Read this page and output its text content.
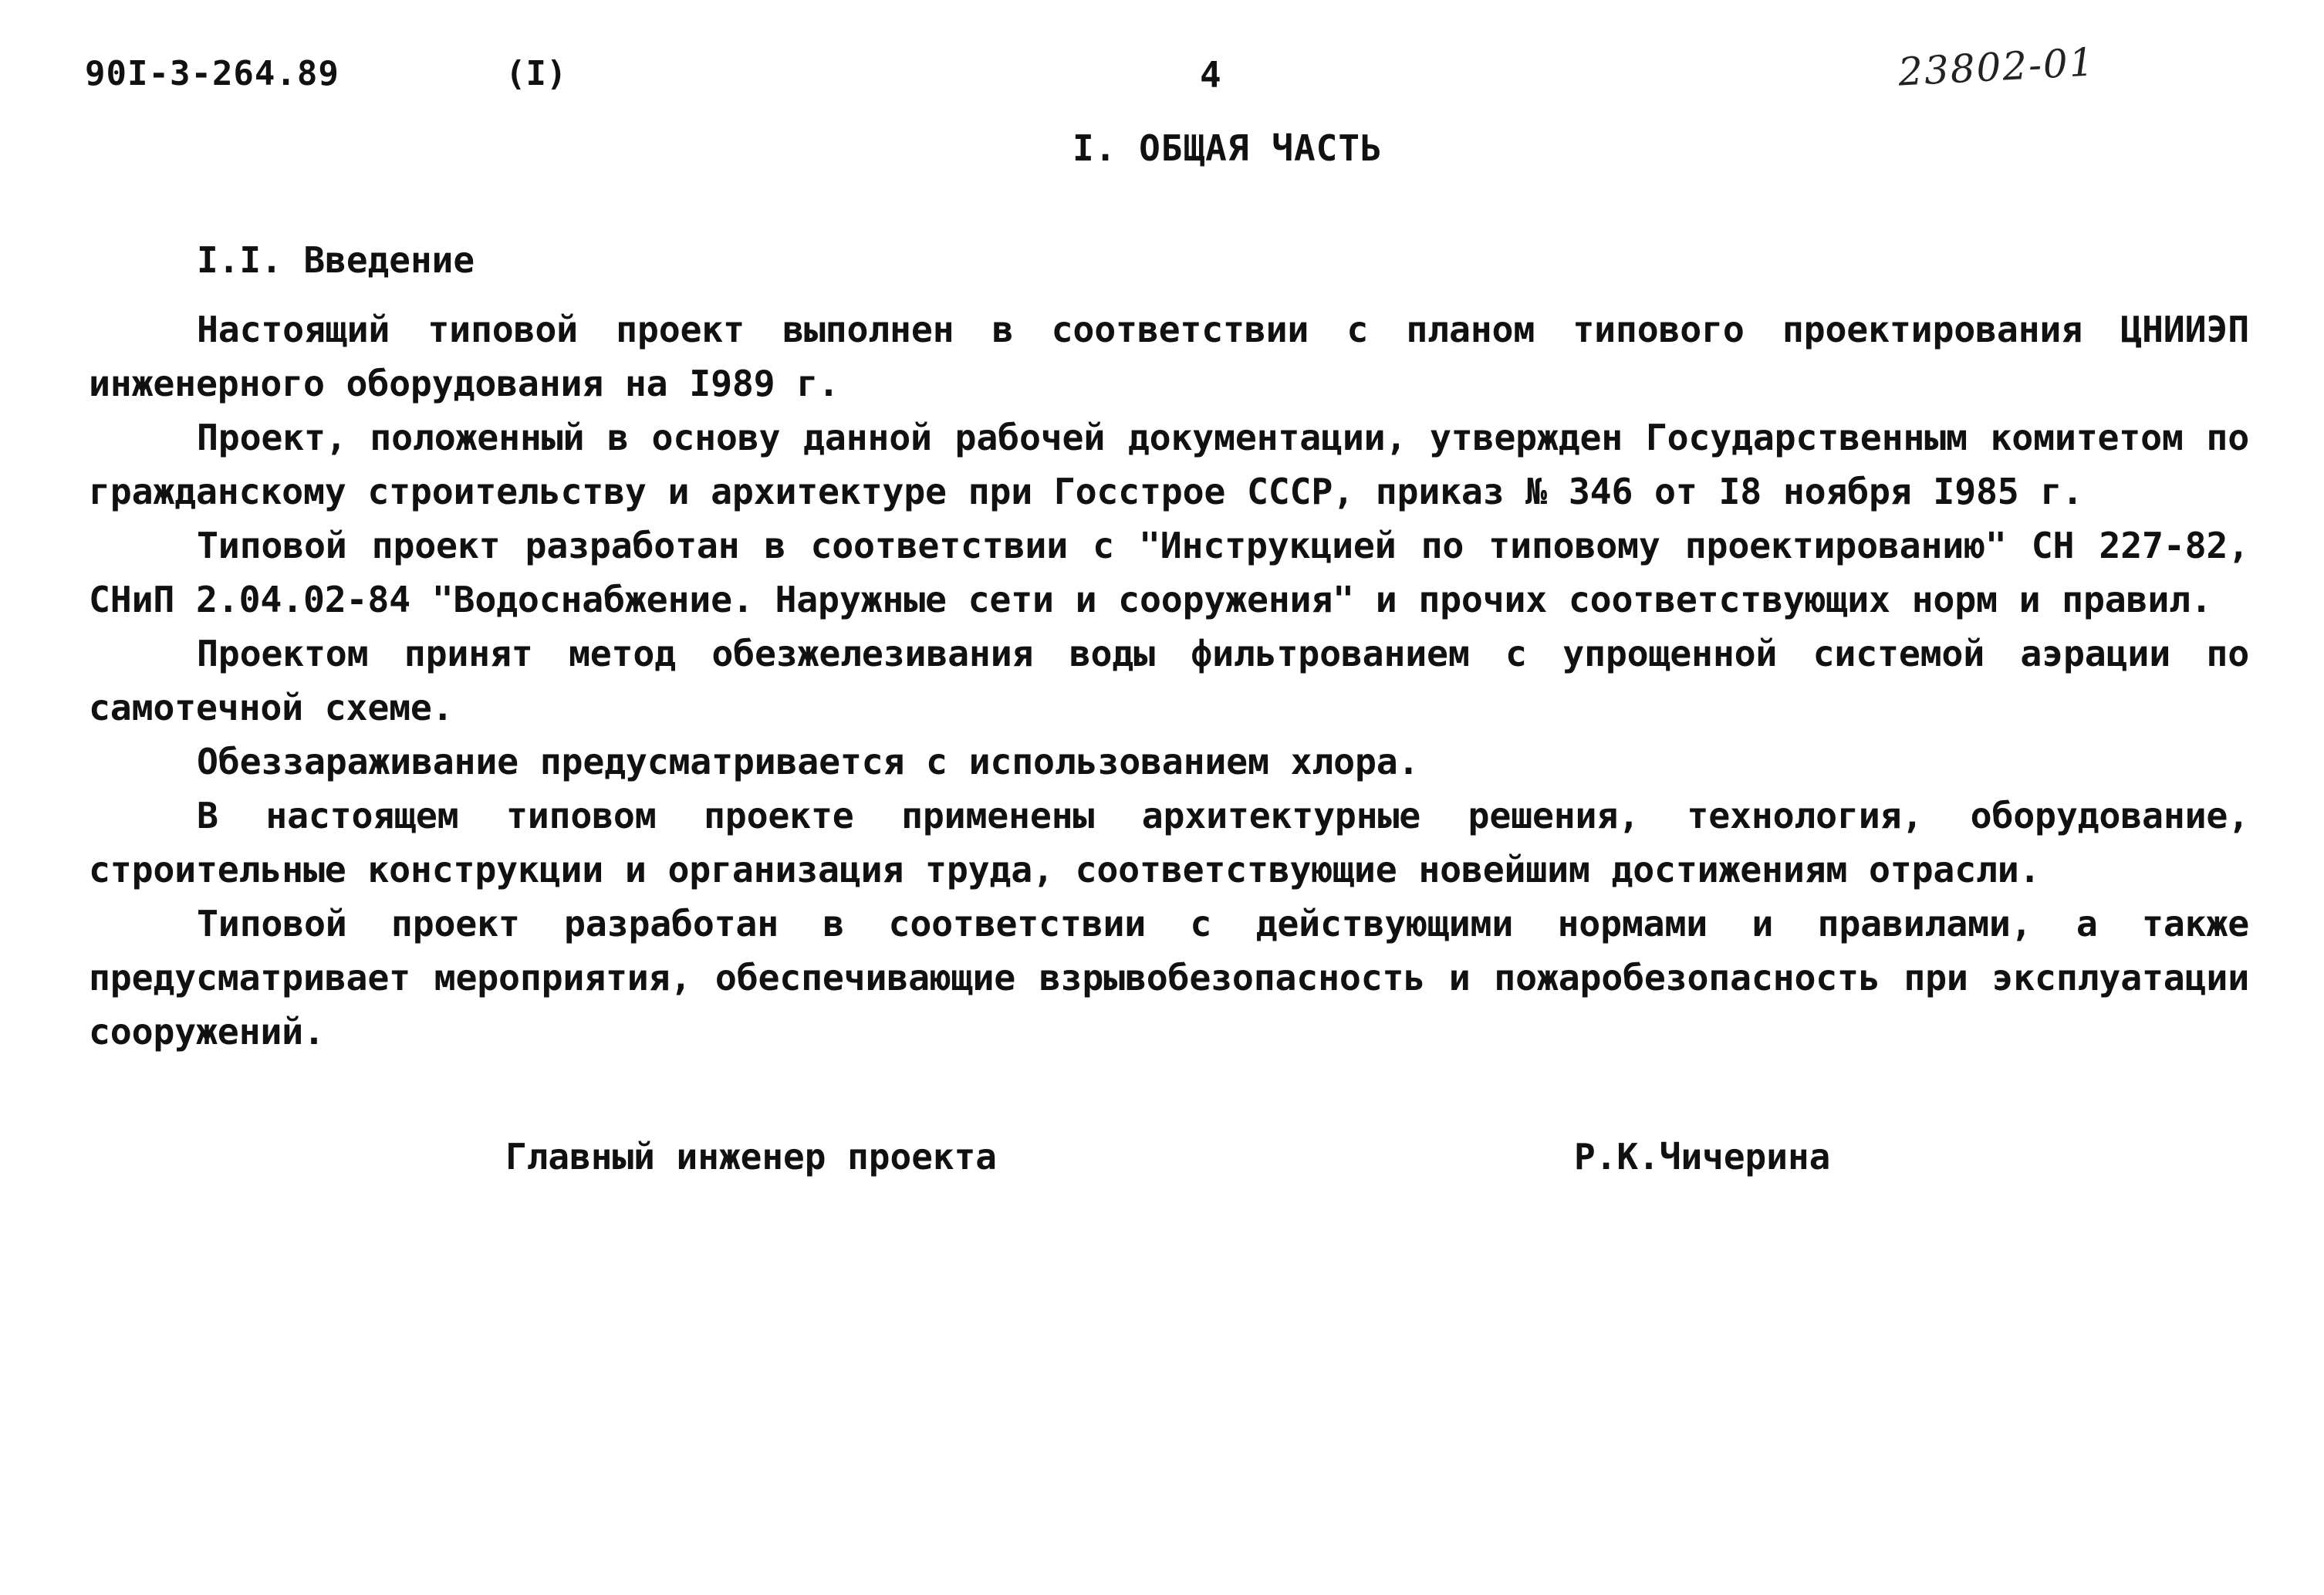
90I-3-264.89	(I)	4	23802-01
I. ОБЩАЯ ЧАСТЬ
I.I. Введение

Настоящий типовой проект выполнен в соответствии с планом типового проектирования ЦНИИЭП инженерного оборудования на I989 г.

Проект, положенный в основу данной рабочей документации, утвержден Государственным комитетом по гражданскому строительству и архитектуре при Госстрое СССР, приказ № 346 от I8 ноября I985 г.

Типовой проект разработан в соответствии с "Инструкцией по типовому проектированию" СН 227-82, СНиП 2.04.02-84 "Водоснабжение. Наружные сети и сооружения" и прочих соответствующих норм и правил.

Проектом принят метод обезжелезивания воды фильтрованием с упрощенной системой аэрации по самотечной схеме.

Обеззараживание предусматривается с использованием хлора.

В настоящем типовом проекте применены архитектурные решения, технология, оборудование, строительные конструкции и организация труда, соответствующие новейшим достижениям отрасли.

Типовой проект разработан в соответствии с действующими нормами и правилами, а также предусматривает мероприятия, обеспечивающие взрывобезопасность и пожаробезопасность при эксплуатации сооружений.

Главный инженер проекта	Р.К.Чичерина
